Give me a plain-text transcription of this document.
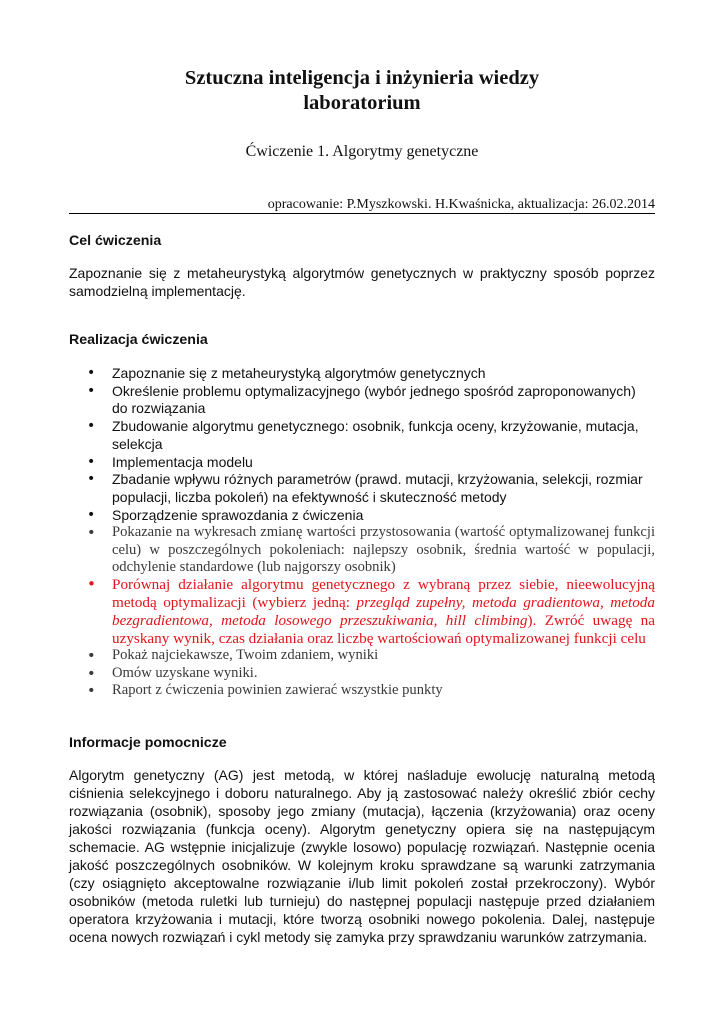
Sztuczna inteligencja i inżynieria wiedzy
laboratorium

Ćwiczenie 1. Algorytmy genetyczne

opracowanie: P.Myszkowski. H.Kwaśnicka, aktualizacja: 26.02.2014

Cel ćwiczenia

Zapoznanie się z metaheurystyką algorytmów genetycznych w praktyczny sposób poprzez samodzielną implementację.

Realizacja ćwiczenia
• Zapoznanie się z metaheurystyką algorytmów genetycznych
• Określenie problemu optymalizacyjnego (wybór jednego spośród zaproponowanych) do rozwiązania
• Zbudowanie algorytmu genetycznego: osobnik, funkcja oceny, krzyżowanie, mutacja, selekcja
• Implementacja modelu
• Zbadanie wpływu różnych parametrów (prawd. mutacji, krzyżowania, selekcji, rozmiar populacji, liczba pokoleń) na efektywność i skuteczność metody
• Sporządzenie sprawozdania z ćwiczenia
• Pokazanie na wykresach zmianę wartości przystosowania (wartość optymalizowanej funkcji celu) w poszczególnych pokoleniach: najlepszy osobnik, średnia wartość w populacji, odchylenie standardowe (lub najgorszy osobnik)
• Porównaj działanie algorytmu genetycznego z wybraną przez siebie, nieewolucyjną metodą optymalizacji (wybierz jedną: przegląd zupełny, metoda gradientowa, metoda bezgradientowa, metoda losowego przeszukiwania, hill climbing). Zwróć uwagę na uzyskany wynik, czas działania oraz liczbę wartościowań optymalizowanej funkcji celu
• Pokaż najciekawsze, Twoim zdaniem, wyniki
• Omów uzyskane wyniki.
• Raport z ćwiczenia powinien zawierać wszystkie punkty
Informacje pomocnicze

Algorytm genetyczny (AG) jest metodą, w której naśladuje ewolucję naturalną metodą ciśnienia selekcyjnego i doboru naturalnego. Aby ją zastosować należy określić zbiór cechy rozwiązania (osobnik), sposoby jego zmiany (mutacja), łączenia (krzyżowania) oraz oceny jakości rozwiązania (funkcja oceny). Algorytm genetyczny opiera się na następującym schemacie. AG wstępnie inicjalizuje (zwykle losowo) populację rozwiązań. Następnie ocenia jakość poszczególnych osobników. W kolejnym kroku sprawdzane są warunki zatrzymania (czy osiągnięto akceptowalne rozwiązanie i/lub limit pokoleń został przekroczony). Wybór osobników (metoda ruletki lub turnieju) do następnej populacji następuje przed działaniem operatora krzyżowania i mutacji, które tworzą osobniki nowego pokolenia. Dalej, następuje ocena nowych rozwiązań i cykl metody się zamyka przy sprawdzaniu warunków zatrzymania.
